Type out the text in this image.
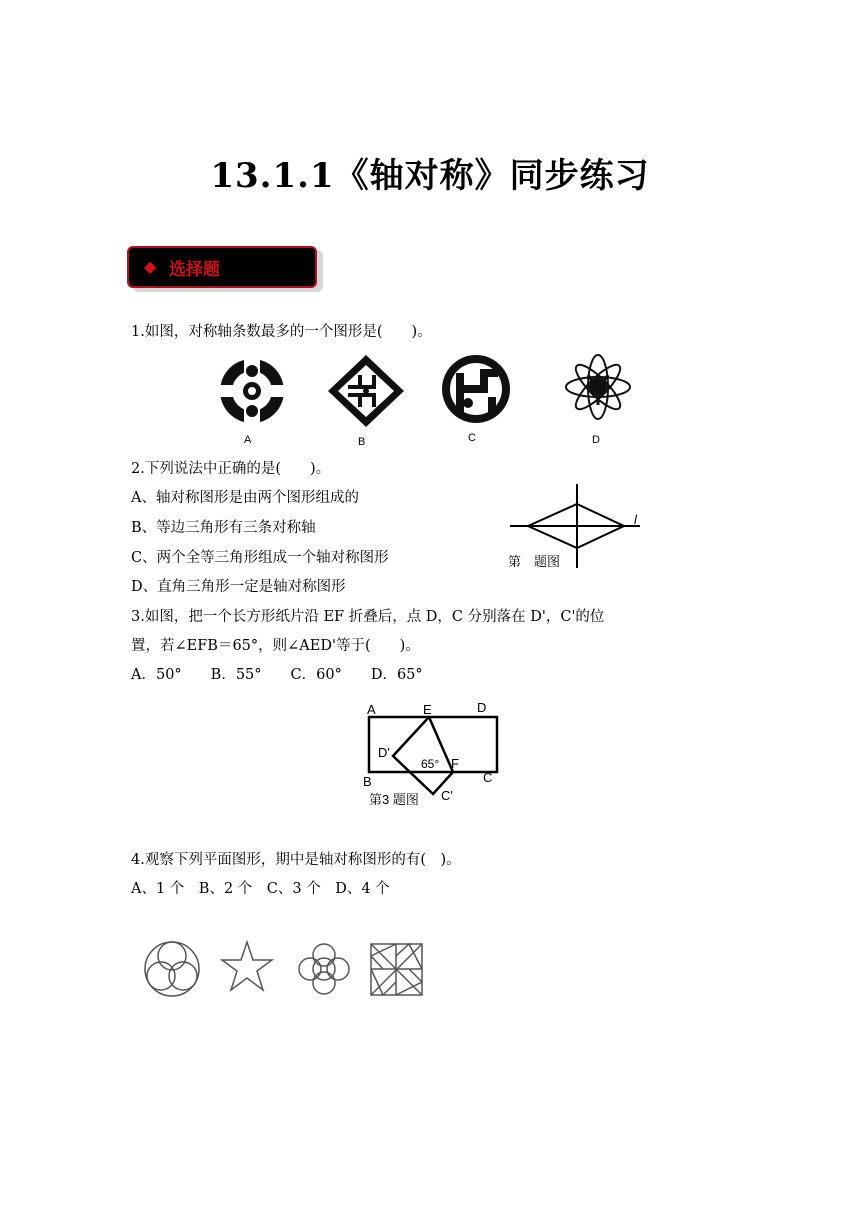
13.1.1《轴对称》同步练习
◆ 选择题
1.如图，对称轴条数最多的一个图形是(　　)。
A	B	C	D
2.下列说法中正确的是(　　)。
A、轴对称图形是由两个图形组成的
B、等边三角形有三条对称轴
C、两个全等三角形组成一个轴对称图形
D、直角三角形一定是轴对称图形
l
第　题图
3.如图，把一个长方形纸片沿 EF 折叠后，点 D，C 分别落在 D'，C'的位
置，若∠EFB＝65°，则∠AED'等于(　　)。
A．50°　　B．55°　　C．60°　　D．65°
A	E	D
D'
65° F
B	C
第3 题图 C'
4.观察下列平面图形，期中是轴对称图形的有(　)。
A、1 个　B、2 个　C、3 个　D、4 个
